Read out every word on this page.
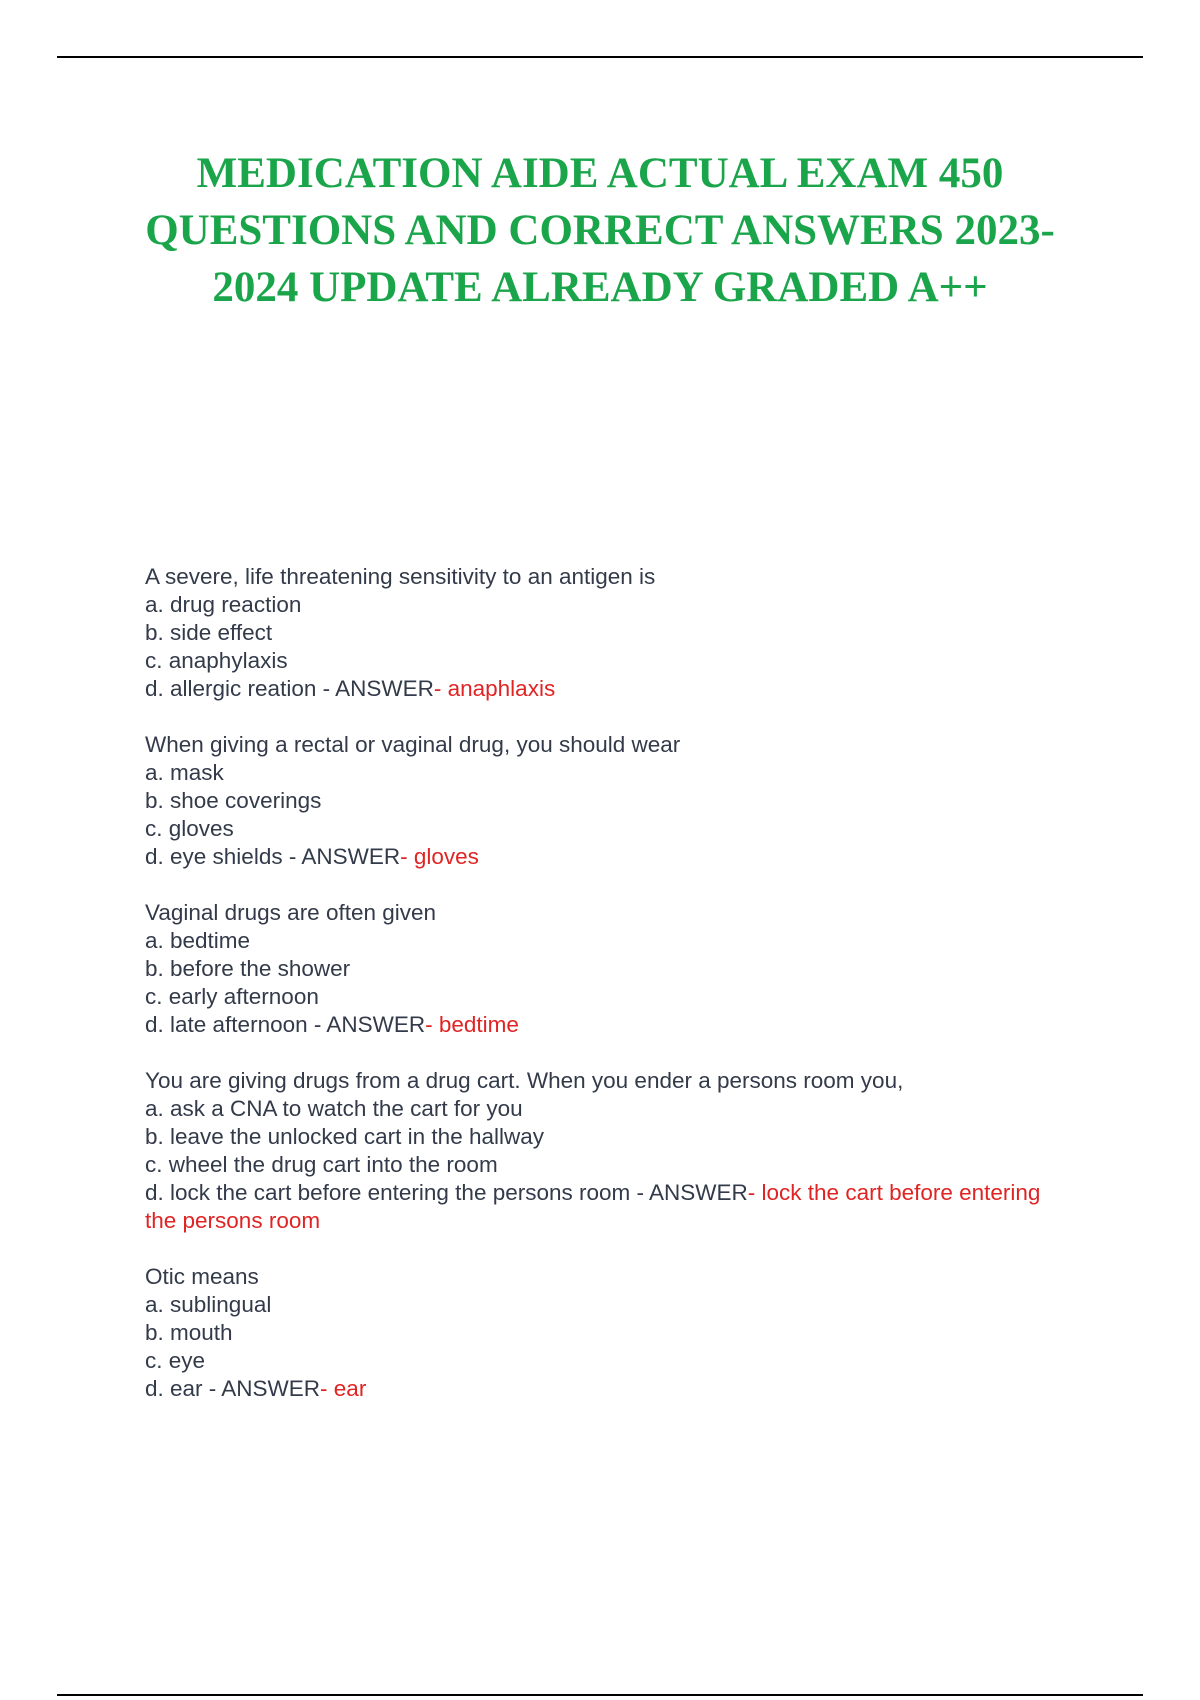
MEDICATION AIDE ACTUAL EXAM 450 QUESTIONS AND CORRECT ANSWERS 2023-2024 UPDATE ALREADY GRADED A++
A severe, life threatening sensitivity to an antigen is
a. drug reaction
b. side effect
c. anaphylaxis
d. allergic reation - ANSWER- anaphlaxis
When giving a rectal or vaginal drug, you should wear
a. mask
b. shoe coverings
c. gloves
d. eye shields - ANSWER- gloves
Vaginal drugs are often given
a. bedtime
b. before the shower
c. early afternoon
d. late afternoon - ANSWER- bedtime
You are giving drugs from a drug cart. When you ender a persons room you,
a. ask a CNA to watch the cart for you
b. leave the unlocked cart in the hallway
c. wheel the drug cart into the room
d. lock the cart before entering the persons room - ANSWER- lock the cart before entering the persons room
Otic means
a. sublingual
b. mouth
c. eye
d. ear - ANSWER- ear
